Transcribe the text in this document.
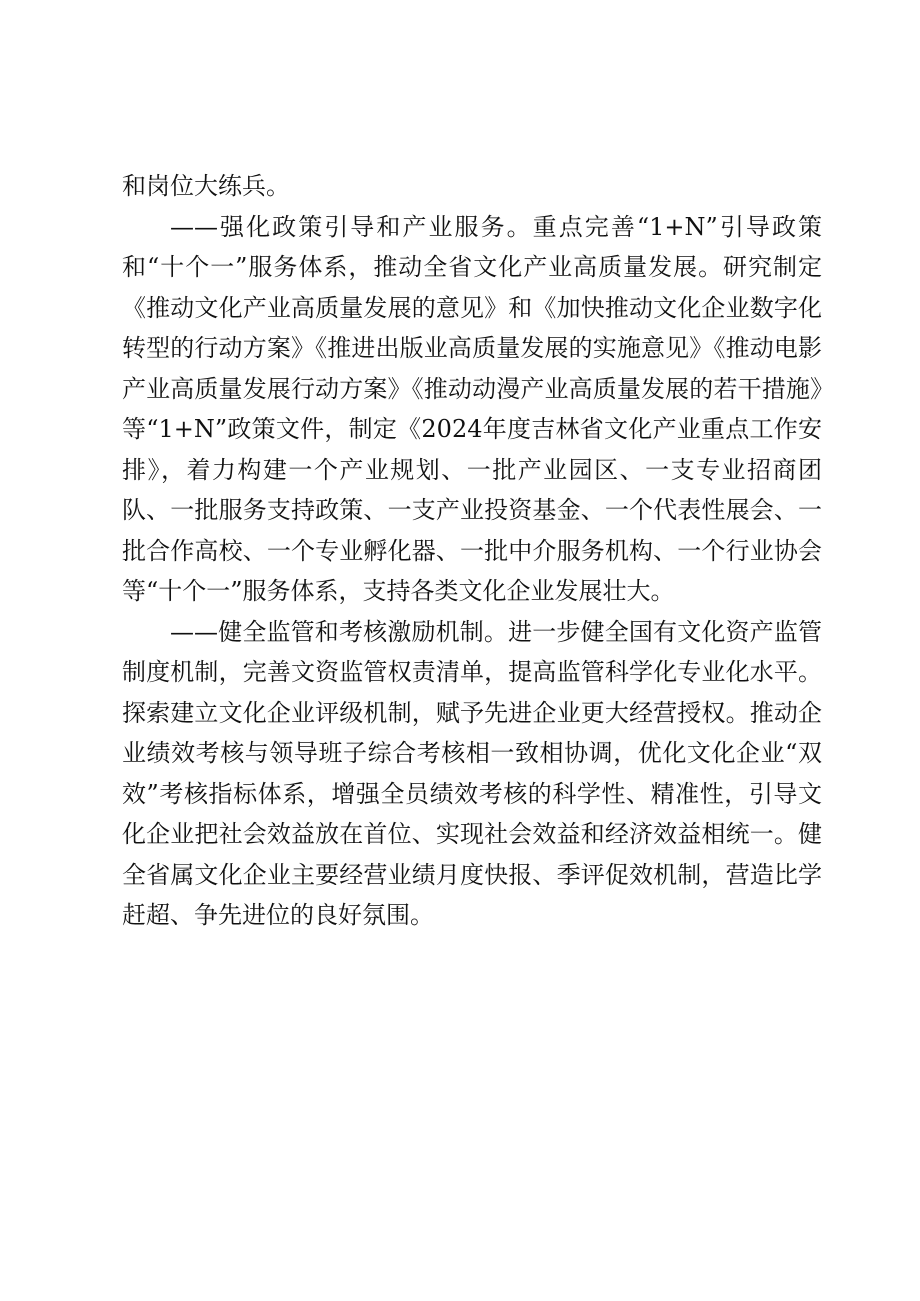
和岗位大练兵。

——强化政策引导和产业服务。重点完善“1+N”引导政策和“十个一”服务体系，推动全省文化产业高质量发展。研究制定《推动文化产业高质量发展的意见》和《加快推动文化企业数字化转型的行动方案》《推进出版业高质量发展的实施意见》《推动电影产业高质量发展行动方案》《推动动漫产业高质量发展的若干措施》等“1+N”政策文件，制定《2024年度吉林省文化产业重点工作安排》，着力构建一个产业规划、一批产业园区、一支专业招商团队、一批服务支持政策、一支产业投资基金、一个代表性展会、一批合作高校、一个专业孵化器、一批中介服务机构、一个行业协会等“十个一”服务体系，支持各类文化企业发展壮大。

——健全监管和考核激励机制。进一步健全国有文化资产监管制度机制，完善文资监管权责清单，提高监管科学化专业化水平。探索建立文化企业评级机制，赋予先进企业更大经营授权。推动企业绩效考核与领导班子综合考核相一致相协调，优化文化企业“双效”考核指标体系，增强全员绩效考核的科学性、精准性，引导文化企业把社会效益放在首位、实现社会效益和经济效益相统一。健全省属文化企业主要经营业绩月度快报、季评促效机制，营造比学赶超、争先进位的良好氛围。
